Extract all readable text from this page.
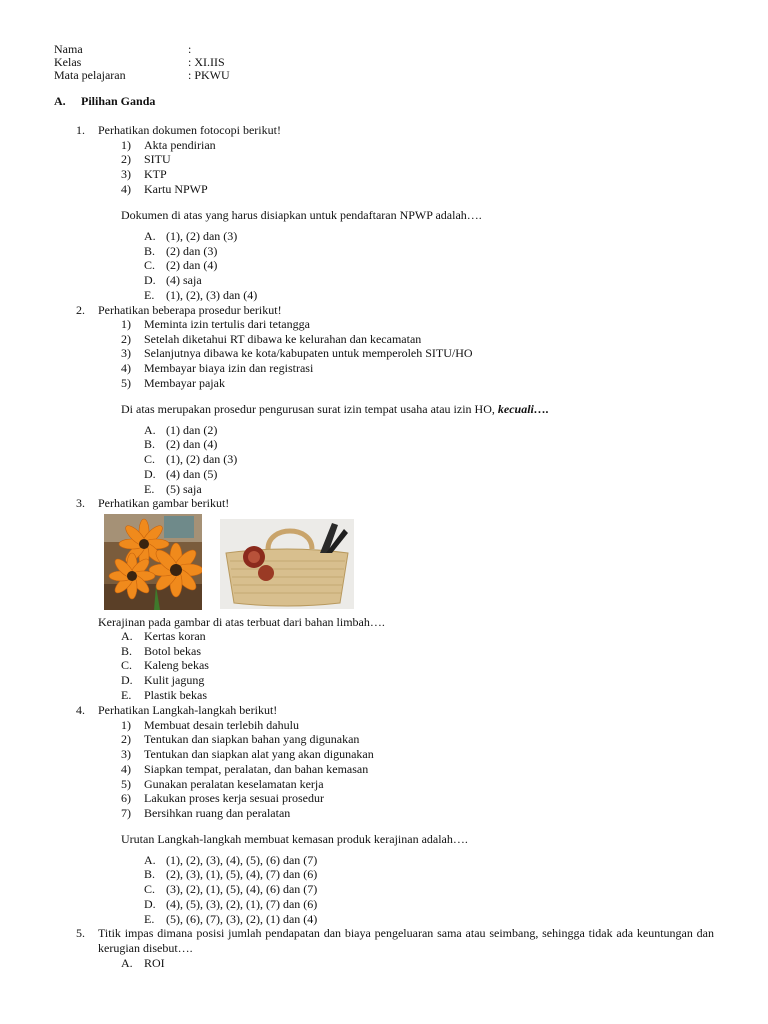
Nama	:
Kelas	: XI.IIS
Mata pelajaran	: PKWU
A. Pilihan Ganda
1. Perhatikan dokumen fotocopi berikut!
1) Akta pendirian
2) SITU
3) KTP
4) Kartu NPWP
Dokumen di atas yang harus disiapkan untuk pendaftaran NPWP adalah….
A. (1), (2) dan (3)
B. (2) dan (3)
C. (2) dan (4)
D. (4) saja
E. (1), (2), (3) dan (4)
2. Perhatikan beberapa prosedur berikut!
1) Meminta izin tertulis dari tetangga
2) Setelah diketahui RT dibawa ke kelurahan dan kecamatan
3) Selanjutnya dibawa ke kota/kabupaten untuk memperoleh SITU/HO
4) Membayar biaya izin dan registrasi
5) Membayar pajak
Di atas merupakan prosedur pengurusan surat izin tempat usaha atau izin HO, kecuali….
A. (1) dan (2)
B. (2) dan (4)
C. (1), (2) dan (3)
D. (4) dan (5)
E. (5) saja
3. Perhatikan gambar berikut!
Kerajinan pada gambar di atas terbuat dari bahan limbah….
A. Kertas koran
B. Botol bekas
C. Kaleng bekas
D. Kulit jagung
E. Plastik bekas
4. Perhatikan Langkah-langkah berikut!
1) Membuat desain terlebih dahulu
2) Tentukan dan siapkan bahan yang digunakan
3) Tentukan dan siapkan alat yang akan digunakan
4) Siapkan tempat, peralatan, dan bahan kemasan
5) Gunakan peralatan keselamatan kerja
6) Lakukan proses kerja sesuai prosedur
7) Bersihkan ruang dan peralatan
Urutan Langkah-langkah membuat kemasan produk kerajinan adalah….
A. (1), (2), (3), (4), (5), (6) dan (7)
B. (2), (3), (1), (5), (4), (7) dan (6)
C. (3), (2), (1), (5), (4), (6) dan (7)
D. (4), (5), (3), (2), (1), (7) dan (6)
E. (5), (6), (7), (3), (2), (1) dan (4)
5. Titik impas dimana posisi jumlah pendapatan dan biaya pengeluaran sama atau seimbang, sehingga tidak ada keuntungan dan kerugian disebut….
A. ROI
